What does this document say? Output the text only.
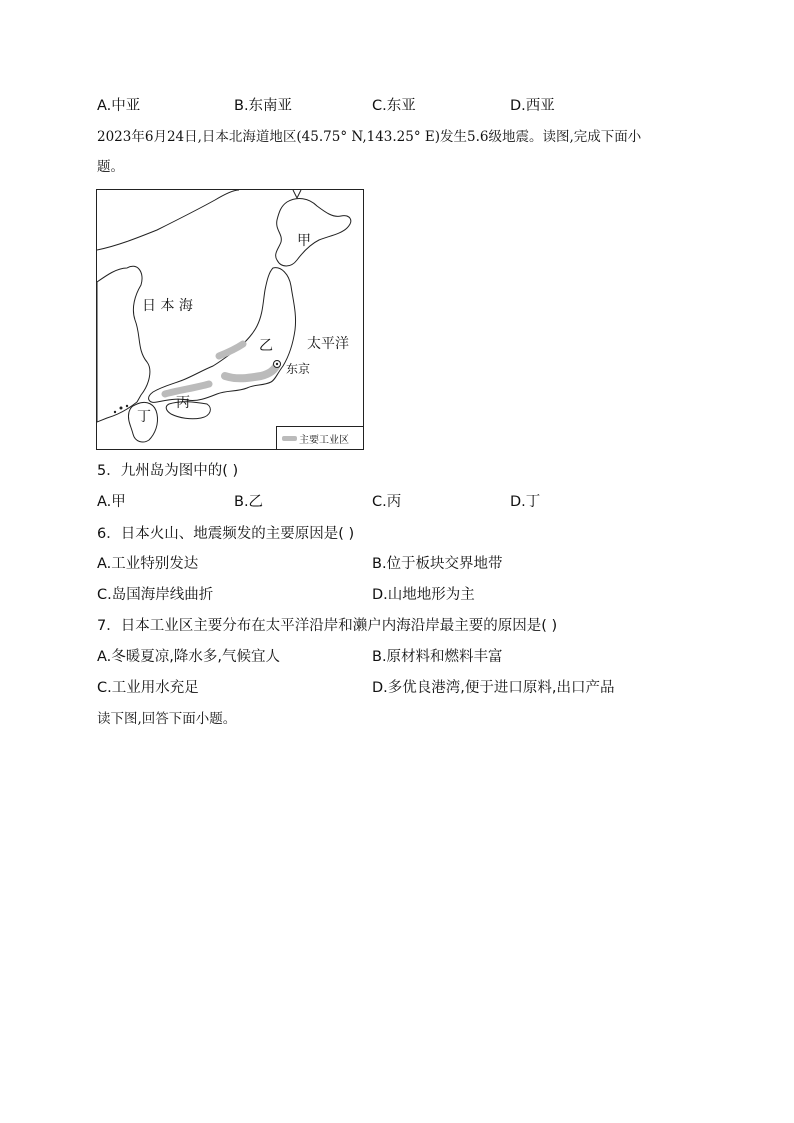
A.中亚	B.东南亚	C.东亚	D.西亚
2023年6月24日,日本北海道地区(45.75° N,143.25° E)发生5.6级地震。读图,完成下面小
题。
甲
日 本 海
太平洋
乙
东京
丙
丁
主要工业区
5．九州岛为图中的( )
A.甲	B.乙	C.丙	D.丁
6．日本火山、地震频发的主要原因是( )
A.工业特别发达	B.位于板块交界地带
C.岛国海岸线曲折	D.山地地形为主
7．日本工业区主要分布在太平洋沿岸和濑户内海沿岸最主要的原因是( )
A.冬暖夏凉,降水多,气候宜人	B.原材料和燃料丰富
C.工业用水充足	D.多优良港湾,便于进口原料,出口产品
读下图,回答下面小题。
